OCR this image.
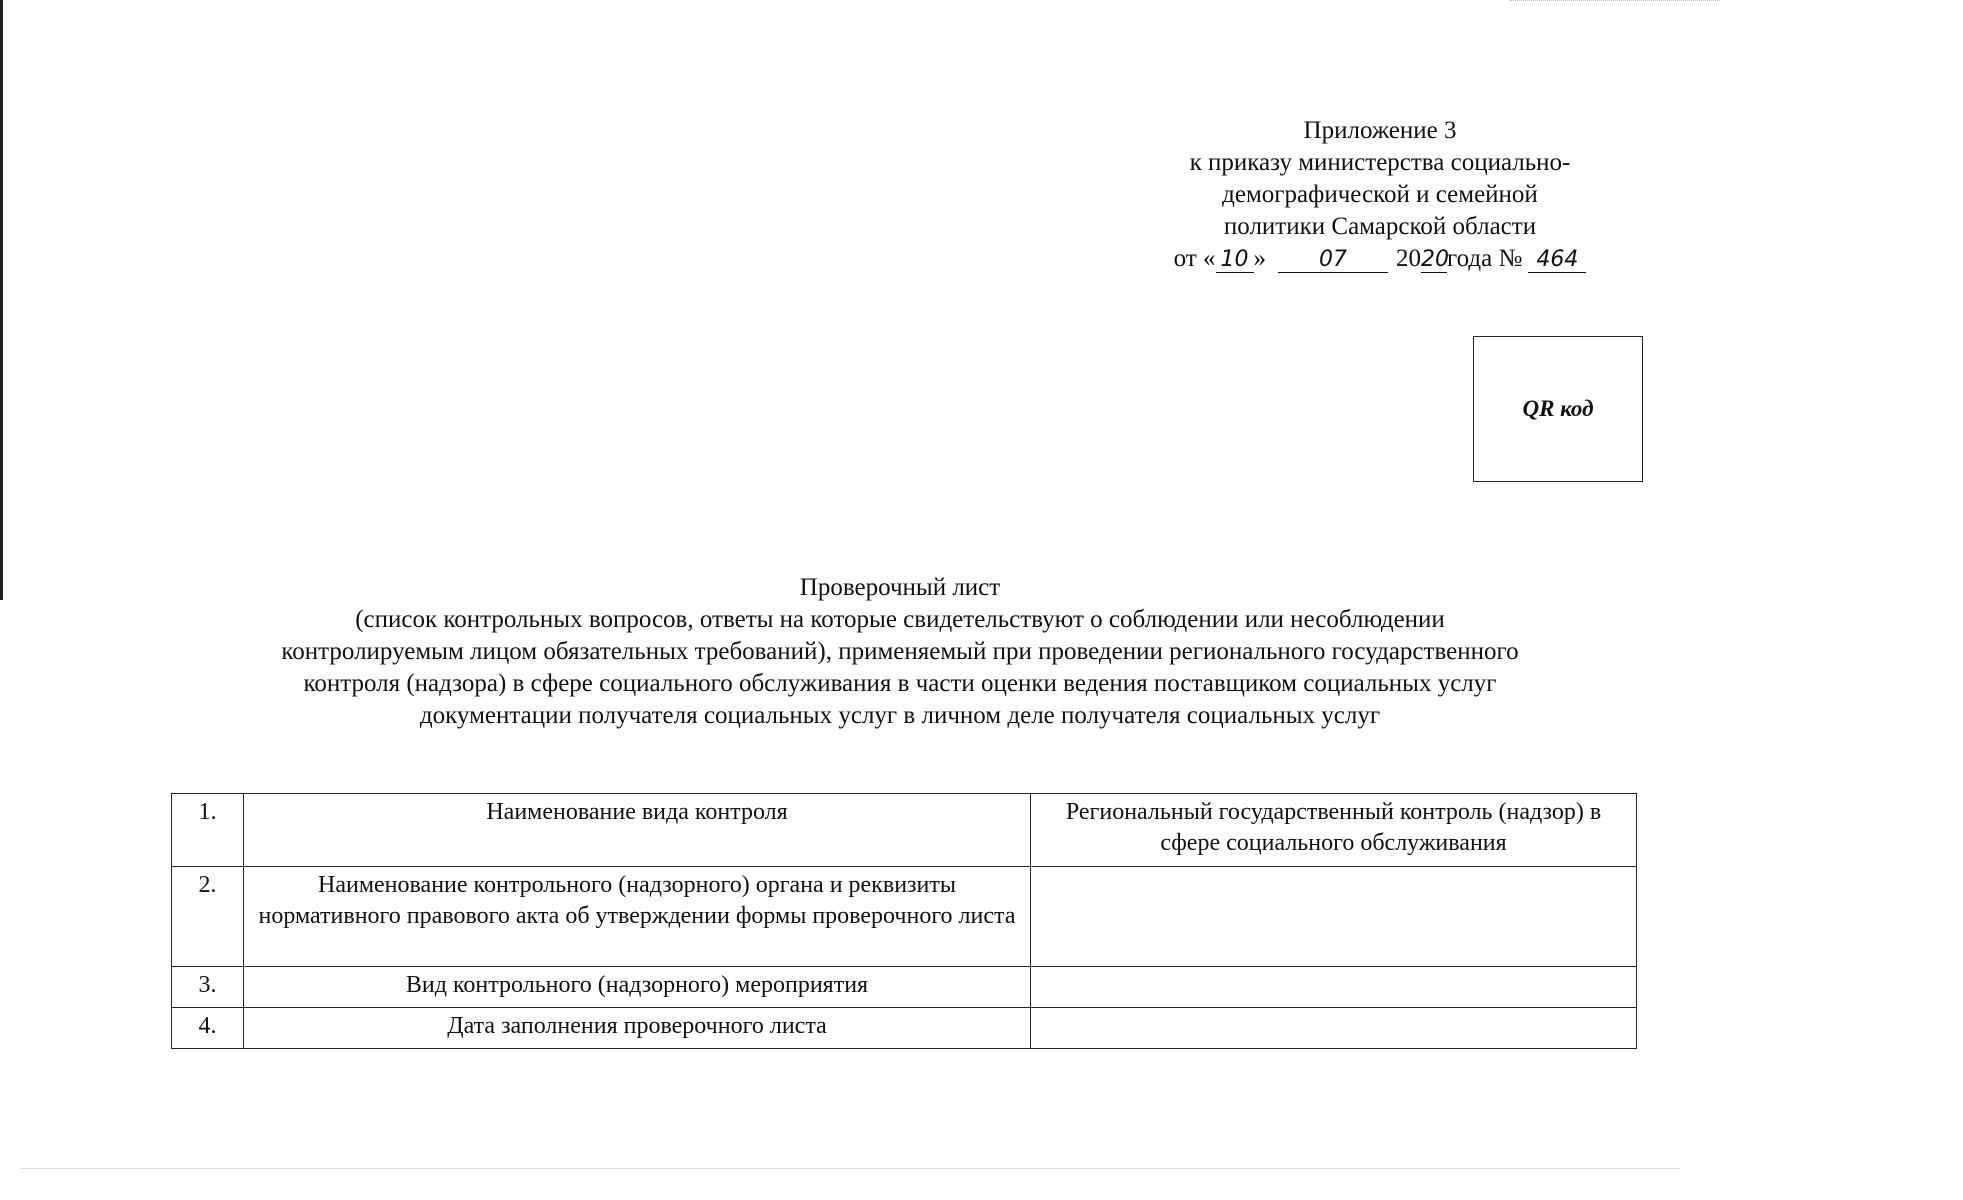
Приложение 3
к приказу министерства социально-
демографической и семейной
политики Самарской области
от « 10 »	07	20 20
года № 464
QR код
Проверочный лист
(список контрольных вопросов, ответы на которые свидетельствуют о соблюдении или несоблюдении
контролируемым лицом обязательных требований), применяемый при проведении регионального государственного
контроля (надзора) в сфере социального обслуживания в части оценки ведения поставщиком социальных услуг
документации получателя социальных услуг в личном деле получателя социальных услуг
1.	Наименование вида контроля	Региональный государственный контроль (надзор) в сфере социального обслуживания
2.	Наименование контрольного (надзорного) органа и реквизиты нормативного правового акта об утверждении формы проверочного листа	
3.	Вид контрольного (надзорного) мероприятия	
4.	Дата заполнения проверочного листа	
